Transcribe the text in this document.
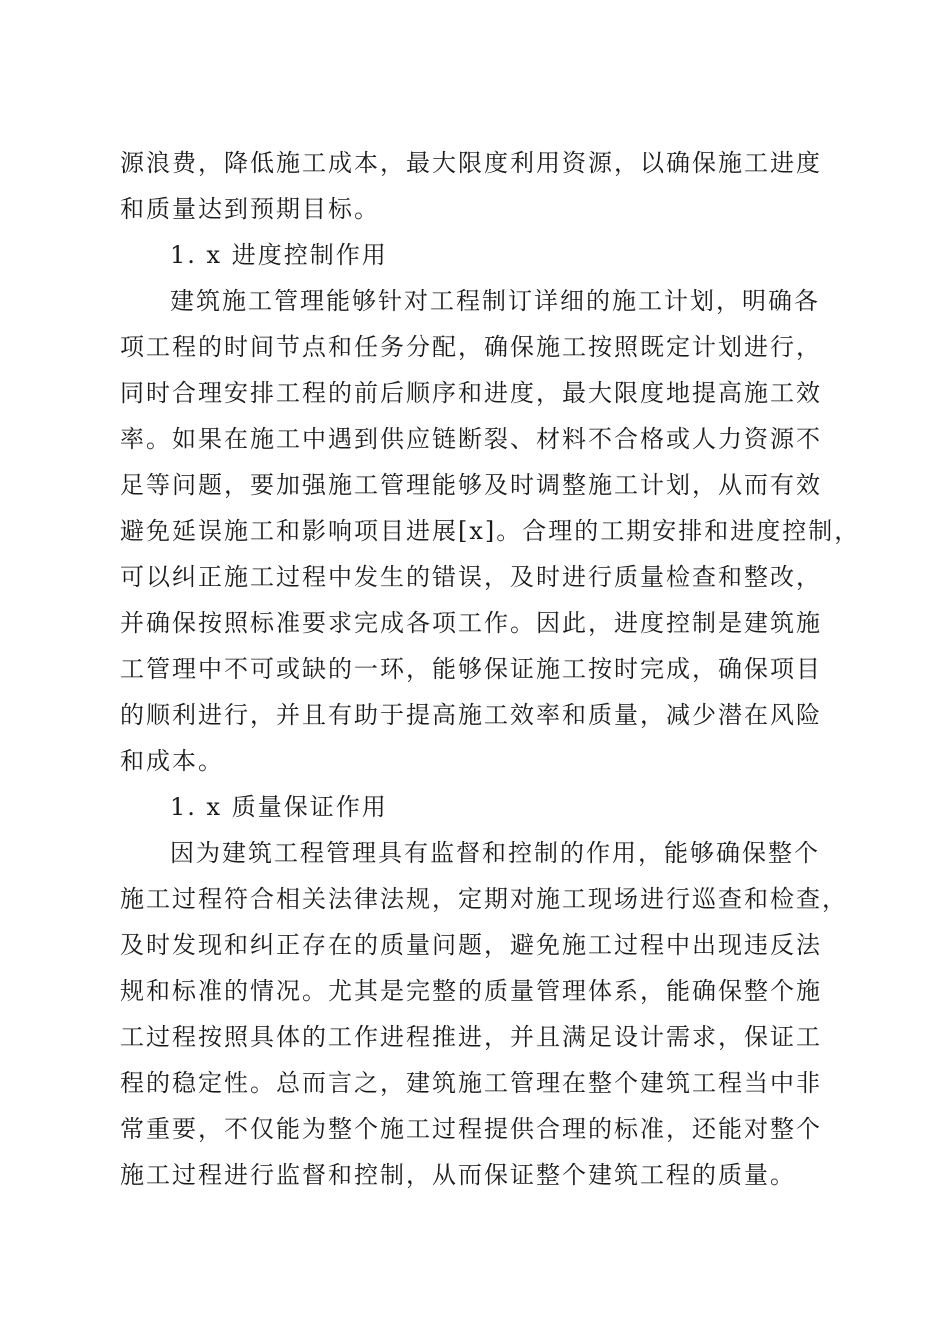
源浪费，降低施工成本，最大限度利用资源，以确保施工进度
和质量达到预期目标。
1. x 进度控制作用
建筑施工管理能够针对工程制订详细的施工计划，明确各
项工程的时间节点和任务分配，确保施工按照既定计划进行，
同时合理安排工程的前后顺序和进度，最大限度地提高施工效
率。如果在施工中遇到供应链断裂、材料不合格或人力资源不
足等问题，要加强施工管理能够及时调整施工计划，从而有效
避免延误施工和影响项目进展[x]。合理的工期安排和进度控制，
可以纠正施工过程中发生的错误，及时进行质量检查和整改，
并确保按照标准要求完成各项工作。因此，进度控制是建筑施
工管理中不可或缺的一环，能够保证施工按时完成，确保项目
的顺利进行，并且有助于提高施工效率和质量，减少潜在风险
和成本。
1. x 质量保证作用
因为建筑工程管理具有监督和控制的作用，能够确保整个
施工过程符合相关法律法规，定期对施工现场进行巡查和检查，
及时发现和纠正存在的质量问题，避免施工过程中出现违反法
规和标准的情况。尤其是完整的质量管理体系，能确保整个施
工过程按照具体的工作进程推进，并且满足设计需求，保证工
程的稳定性。总而言之，建筑施工管理在整个建筑工程当中非
常重要，不仅能为整个施工过程提供合理的标准，还能对整个
施工过程进行监督和控制，从而保证整个建筑工程的质量。
